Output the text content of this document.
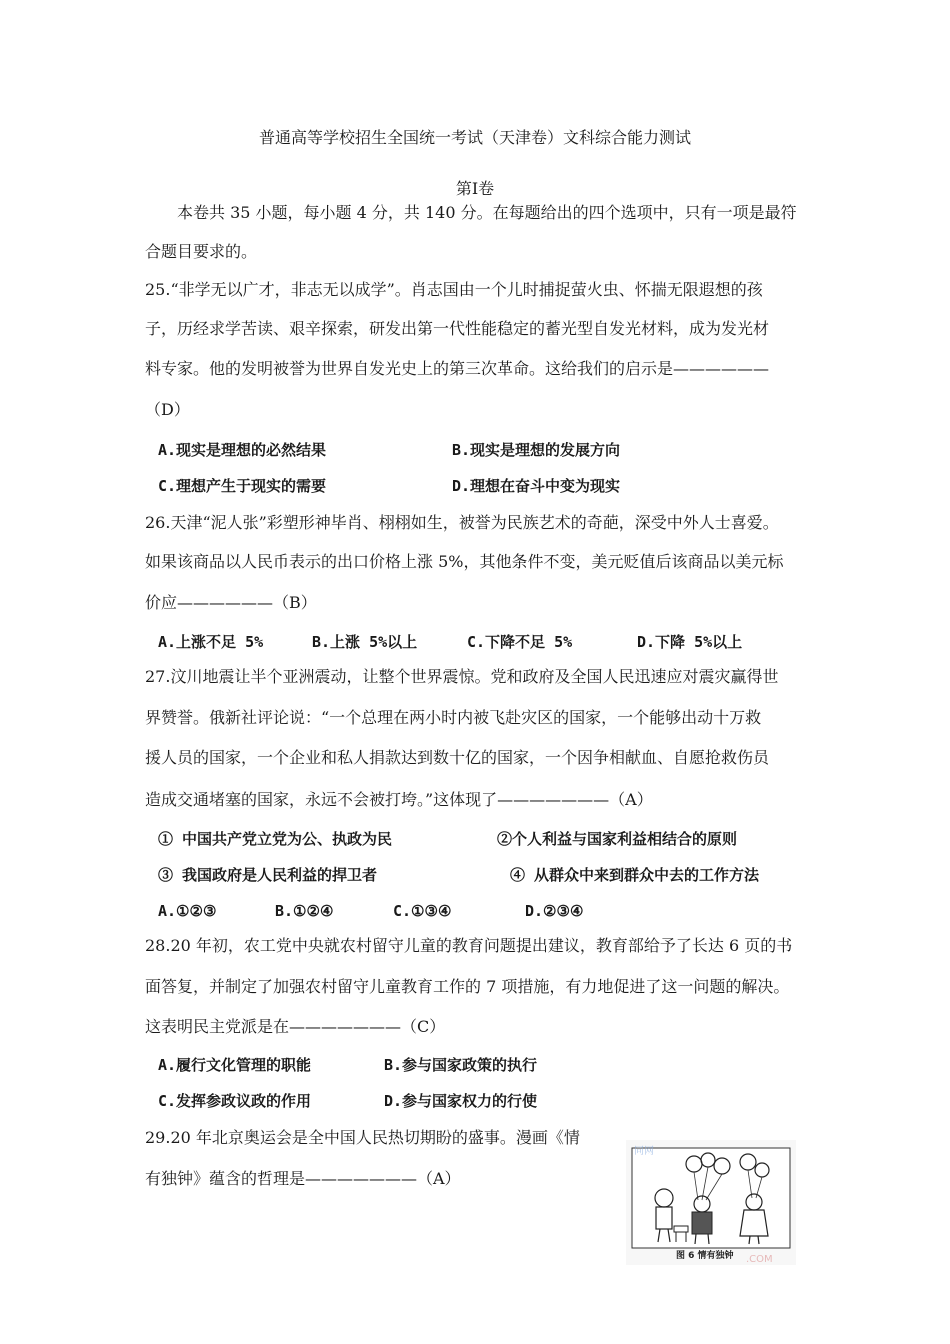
普通高等学校招生全国统一考试（天津卷）文科综合能力测试
第Ⅰ卷
本卷共 35 小题，每小题 4 分，共 140 分。在每题给出的四个选项中，只有一项是最符
合题目要求的。
25.“非学无以广才，非志无以成学”。肖志国由一个儿时捕捉萤火虫、怀揣无限遐想的孩
子，历经求学苦读、艰辛探索，研发出第一代性能稳定的蓄光型自发光材料，成为发光材
料专家。他的发明被誉为世界自发光史上的第三次革命。这给我们的启示是——————
（D）
A.现实是理想的必然结果	B.现实是理想的发展方向
C.理想产生于现实的需要	D.理想在奋斗中变为现实
26.天津“泥人张”彩塑形神毕肖、栩栩如生，被誉为民族艺术的奇葩，深受中外人士喜爱。
如果该商品以人民币表示的出口价格上涨 5%，其他条件不变，美元贬值后该商品以美元标
价应——————（B）
A.上涨不足 5%	B.上涨 5%以上	C.下降不足 5%	D.下降 5%以上
27.汶川地震让半个亚洲震动，让整个世界震惊。党和政府及全国人民迅速应对震灾赢得世
界赞誉。俄新社评论说：“一个总理在两小时内被飞赴灾区的国家，一个能够出动十万救
援人员的国家，一个企业和私人捐款达到数十亿的国家，一个因争相献血、自愿抢救伤员
造成交通堵塞的国家，永远不会被打垮。”这体现了———————（A）
① 中国共产党立党为公、执政为民	②个人利益与国家利益相结合的原则
③ 我国政府是人民利益的捍卫者	④ 从群众中来到群众中去的工作方法
A.①②③	B.①②④	C.①③④	D.②③④
28.20 年初，农工党中央就农村留守儿童的教育问题提出建议，教育部给予了长达 6 页的书
面答复，并制定了加强农村留守儿童教育工作的 7 项措施，有力地促进了这一问题的解决。
这表明民主党派是在———————（C）
A.履行文化管理的职能	B.参与国家政策的执行
C.发挥参政议政的作用	D.参与国家权力的行使
29.20 年北京奥运会是全中国人民热切期盼的盛事。漫画《情
有独钟》蕴含的哲理是———————（A）
同网
.COM
图 6 情有独钟
